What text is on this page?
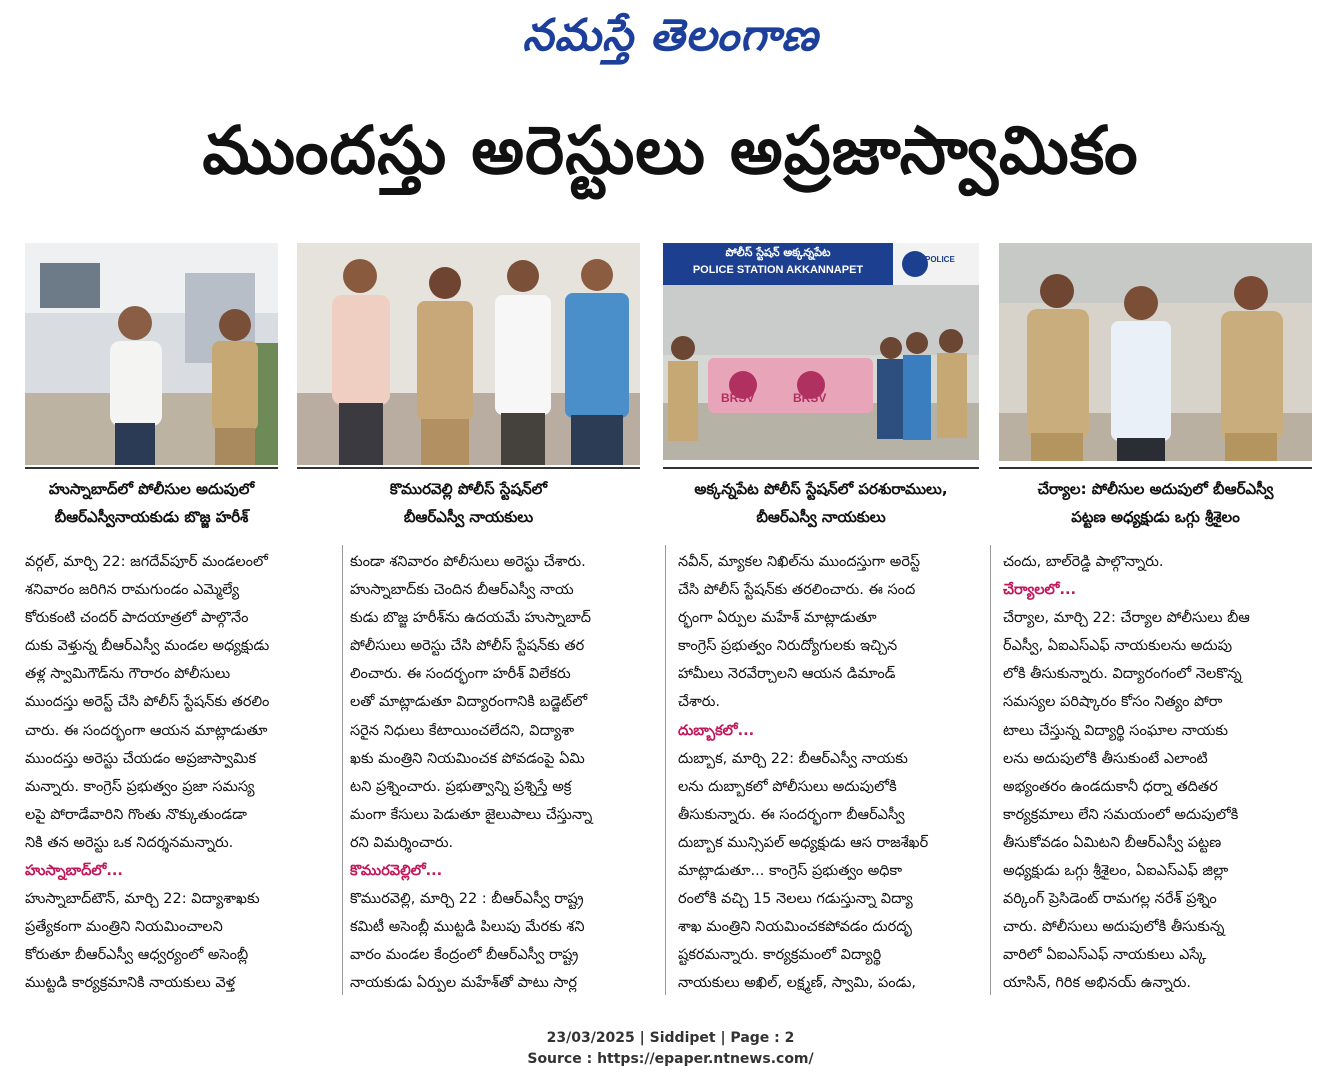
నమస్తే తెలంగాణ
ముందస్తు అరెస్టులు అప్రజాస్వామికం
పోలీస్ స్టేషన్ అక్కన్నపేట
POLICE STATION AKKANNAPET
POLICE
BRSV	BRSV
హుస్నాబాద్‌లో పోలీసుల అదుపులో
బీఆర్‌ఎస్వీనాయకుడు బొజ్జ హరీశ్
కొమురవెల్లి పోలీస్ స్టేషన్‌లో
బీఆర్‌ఎస్వీ నాయకులు
అక్కన్నపేట పోలీస్ స్టేషన్‌లో పరశురాములు,
బీఆర్‌ఎస్వీ నాయకులు
చేర్యాల: పోలీసుల అదుపులో బీఆర్‌ఎస్వీ
పట్టణ అధ్యక్షుడు ఒగ్గు శ్రీశైలం

వర్గల్, మార్చి 22: జగదేవ్‌పూర్ మండలంలో

శనివారం జరిగిన రామగుండం ఎమ్మెల్యే

కోరుకంటి చందర్ పాదయాత్రలో పాల్గొనేం

దుకు వెళ్తున్న బీఆర్‌ఎస్వీ మండల అధ్యక్షుడు

తళ్ల స్వామిగౌడ్‌ను గౌరారం పోలీసులు

ముందస్తు అరెస్ట్ చేసి పోలీస్ స్టేషన్‌కు తరలిం

చారు. ఈ సందర్భంగా ఆయన మాట్లాడుతూ

ముందస్తు అరెస్టు చేయడం అప్రజాస్వామిక

మన్నారు. కాంగ్రెస్ ప్రభుత్వం ప్రజా సమస్య

లపై పోరాడేవారిని గొంతు నొక్కుతుండడా

నికి తన అరెస్టు ఒక నిదర్శనమన్నారు.

హుస్నాబాద్‌లో...

హుస్నాబాద్‌టౌన్, మార్చి 22: విద్యాశాఖకు

ప్రత్యేకంగా మంత్రిని నియమించాలని

కోరుతూ బీఆర్‌ఎస్వీ ఆధ్వర్యంలో అసెంబ్లీ

ముట్టడి కార్యక్రమానికి నాయకులు వెళ్త

కుండా శనివారం పోలీసులు అరెస్టు చేశారు.

హుస్నాబాద్‌కు చెందిన బీఆర్‌ఎస్వీ నాయ

కుడు బొజ్జ హరీశ్‌ను ఉదయమే హుస్నాబాద్

పోలీసులు అరెస్టు చేసి పోలీస్ స్టేషన్‌కు తర

లించారు. ఈ సందర్భంగా హరీశ్ విలేకరు

లతో మాట్లాడుతూ విద్యారంగానికి బడ్జెట్‌లో

సరైన నిధులు కేటాయించలేదని, విద్యాశా

ఖకు మంత్రిని నియమించక పోవడంపై ఏమి

టని ప్రశ్నించారు. ప్రభుత్వాన్ని ప్రశ్నిస్తే అక్ర

మంగా కేసులు పెడుతూ జైలుపాలు చేస్తున్నా

రని విమర్శించారు.

కొమురవెల్లిలో...

కొమురవెల్లి, మార్చి 22 : బీఆర్‌ఎస్వీ రాష్ట్ర

కమిటీ అసెంబ్లీ ముట్టడి పిలుపు మేరకు శని

వారం మండల కేంద్రంలో బీఆర్‌ఎస్వీ రాష్ట్ర

నాయకుడు ఏర్పుల మహేశ్‌తో పాటు సార్ల

నవీన్, మ్యాకల నిఖిల్‌ను ముందస్తుగా అరెస్ట్

చేసి పోలీస్ స్టేషన్‌కు తరలించారు. ఈ సంద

ర్భంగా ఏర్పుల మహేశ్ మాట్లాడుతూ

కాంగ్రెస్ ప్రభుత్వం నిరుద్యోగులకు ఇచ్చిన

హామీలు నెరవేర్చాలని ఆయన డిమాండ్

చేశారు.

దుబ్బాకలో...

దుబ్బాక, మార్చి 22: బీఆర్‌ఎస్వీ నాయకు

లను దుబ్బాకలో పోలీసులు అదుపులోకి

తీసుకున్నారు. ఈ సందర్భంగా బీఆర్‌ఎస్వీ

దుబ్బాక మున్సిపల్ అధ్యక్షుడు ఆస రాజశేఖర్

మాట్లాడుతూ... కాంగ్రెస్ ప్రభుత్వం అధికా

రంలోకి వచ్చి 15 నెలలు గడుస్తున్నా విద్యా

శాఖ మంత్రిని నియమించకపోవడం దురదృ

ష్టకరమన్నారు. కార్యక్రమంలో విద్యార్థి

నాయకులు అఖిల్, లక్ష్మణ్, స్వామి, పండు,

చందు, బాల్‌రెడ్డి పాల్గొన్నారు.

చేర్యాలలో...

చేర్యాల, మార్చి 22: చేర్యాల పోలీసులు బీఆ

ర్‌ఎస్వీ, ఏఐఎస్‌ఎఫ్ నాయకులను అదుపు

లోకి తీసుకున్నారు. విద్యారంగంలో నెలకొన్న

సమస్యల పరిష్కారం కోసం నిత్యం పోరా

టాలు చేస్తున్న విద్యార్థి సంఘాల నాయకు

లను అదుపులోకి తీసుకుంటే ఎలాంటి

అభ్యంతరం ఉండదుకానీ ధర్నా తదితర

కార్యక్రమాలు లేని సమయంలో అదుపులోకి

తీసుకోవడం ఏమిటని బీఆర్‌ఎస్వీ పట్టణ

అధ్యక్షుడు ఒగ్గు శ్రీశైలం, ఏఐఎస్‌ఎఫ్ జిల్లా

వర్కింగ్ ప్రెసిడెంట్ రామగల్ల నరేశ్ ప్రశ్నిం

చారు. పోలీసులు అదుపులోకి తీసుకున్న

వారిలో ఏఐఎస్‌ఎఫ్ నాయకులు ఎస్కే

యాసిన్, గిరిక అభినయ్ ఉన్నారు.

23/03/2025 | Siddipet | Page : 2
Source : https://epaper.ntnews.com/
